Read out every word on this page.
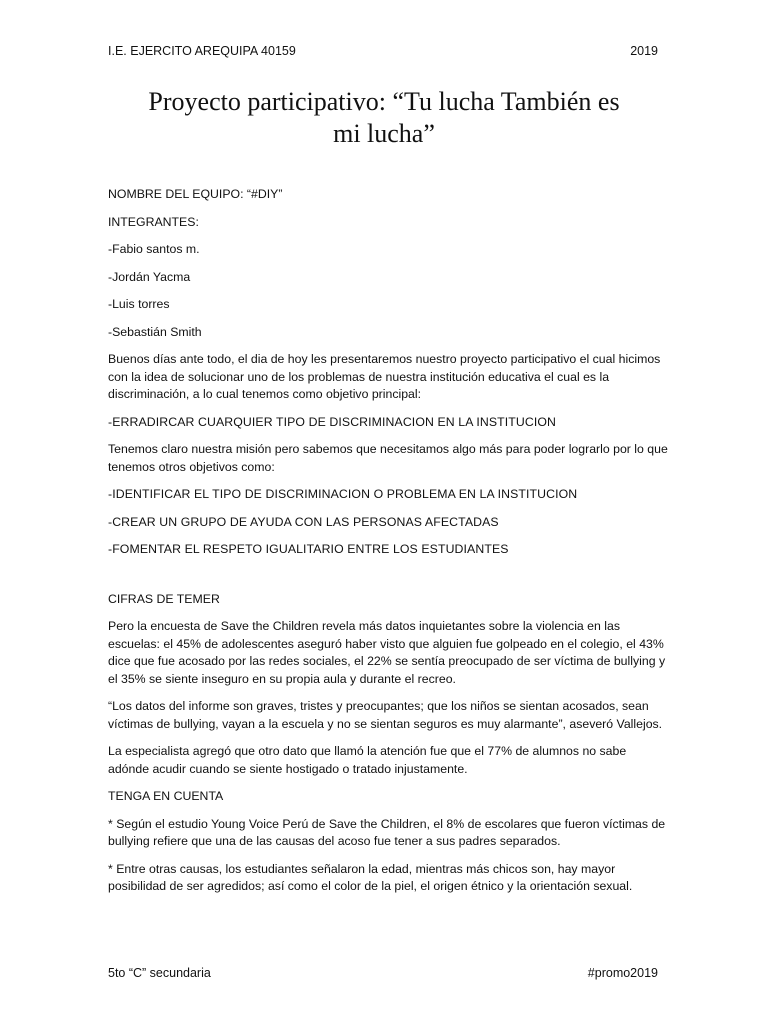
I.E. EJERCITO AREQUIPA 40159	2019
Proyecto participativo: “Tu lucha También es
mi lucha”

NOMBRE DEL EQUIPO: “#DIY”

INTEGRANTES:

-Fabio santos m.

-Jordán Yacma

-Luis torres

-Sebastián Smith

Buenos días ante todo, el dia de hoy les presentaremos nuestro proyecto participativo el cual hicimos con la idea de solucionar uno de los problemas de nuestra institución educativa el cual es la discriminación, a lo cual tenemos como objetivo principal:

-ERRADIRCAR CUARQUIER TIPO DE DISCRIMINACION EN LA INSTITUCION

Tenemos claro nuestra misión pero sabemos que necesitamos algo más para poder lograrlo por lo que tenemos otros objetivos como:

-IDENTIFICAR EL TIPO DE DISCRIMINACION O PROBLEMA EN LA INSTITUCION

-CREAR UN GRUPO DE AYUDA CON LAS PERSONAS AFECTADAS

-FOMENTAR EL RESPETO IGUALITARIO ENTRE LOS ESTUDIANTES

CIFRAS DE TEMER

Pero la encuesta de Save the Children revela más datos inquietantes sobre la violencia en las escuelas: el 45% de adolescentes aseguró haber visto que alguien fue golpeado en el colegio, el 43% dice que fue acosado por las redes sociales, el 22% se sentía preocupado de ser víctima de bullying y el 35% se siente inseguro en su propia aula y durante el recreo.

“Los datos del informe son graves, tristes y preocupantes; que los niños se sientan acosados, sean víctimas de bullying, vayan a la escuela y no se sientan seguros es muy alarmante”, aseveró Vallejos.

La especialista agregó que otro dato que llamó la atención fue que el 77% de alumnos no sabe adónde acudir cuando se siente hostigado o tratado injustamente.

TENGA EN CUENTA

* Según el estudio Young Voice Perú de Save the Children, el 8% de escolares que fueron víctimas de bullying refiere que una de las causas del acoso fue tener a sus padres separados.

* Entre otras causas, los estudiantes señalaron la edad, mientras más chicos son, hay mayor posibilidad de ser agredidos; así como el color de la piel, el origen étnico y la orientación sexual.

5to “C” secundaria	#promo2019
